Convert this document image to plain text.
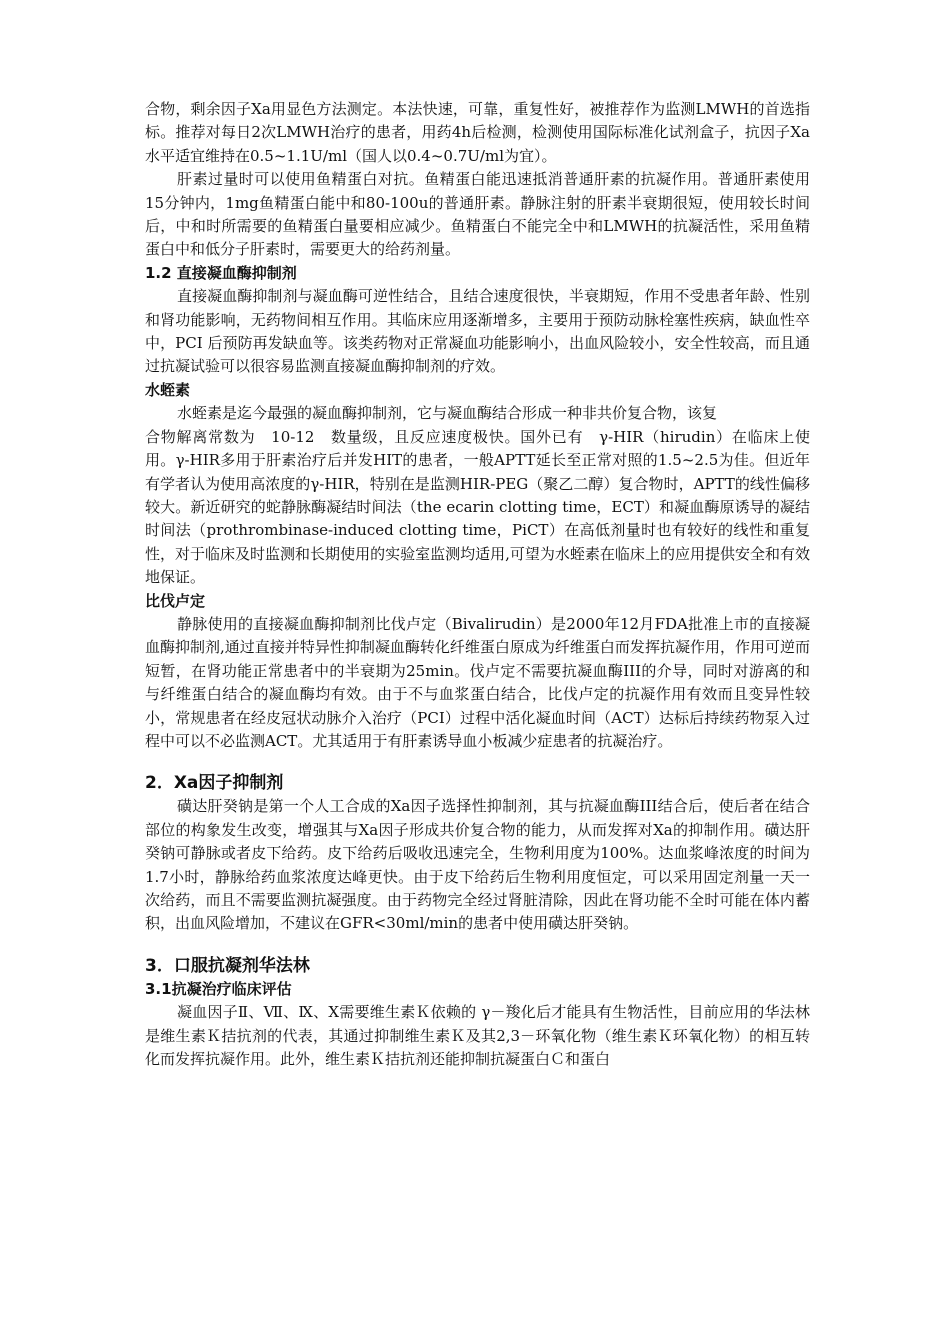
合物，剩余因子Xa用显色方法测定。本法快速，可靠，重复性好，被推荐作为监测LMWH的首选指标。推荐对每日2次LMWH治疗的患者，用药4h后检测，检测使用国际标准化试剂盒子，抗因子Xa水平适宜维持在0.5~1.1U/ml（国人以0.4~0.7U/ml为宜）。

肝素过量时可以使用鱼精蛋白对抗。鱼精蛋白能迅速抵消普通肝素的抗凝作用。普通肝素使用15分钟内，1mg鱼精蛋白能中和80-100u的普通肝素。静脉注射的肝素半衰期很短，使用较长时间后，中和时所需要的鱼精蛋白量要相应减少。鱼精蛋白不能完全中和LMWH的抗凝活性，采用鱼精蛋白中和低分子肝素时，需要更大的给药剂量。

1.2 直接凝血酶抑制剂

直接凝血酶抑制剂与凝血酶可逆性结合，且结合速度很快，半衰期短，作用不受患者年龄、性别和肾功能影响，无药物间相互作用。其临床应用逐渐增多，主要用于预防动脉栓塞性疾病，缺血性卒中，PCI 后预防再发缺血等。该类药物对正常凝血功能影响小，出血风险较小，安全性较高，而且通过抗凝试验可以很容易监测直接凝血酶抑制剂的疗效。

水蛭素

水蛭素是迄今最强的凝血酶抑制剂，它与凝血酶结合形成一种非共价复合物，该复

合物解离常数为　10-12　数量级，且反应速度极快。国外已有　γ-HIR（hirudin）在临床上使用。γ-HIR多用于肝素治疗后并发HIT的患者，一般APTT延长至正常对照的1.5~2.5为佳。但近年有学者认为使用高浓度的γ-HIR，特别在是监测HIR-PEG（聚乙二醇）复合物时，APTT的线性偏移较大。新近研究的蛇静脉酶凝结时间法（the ecarin clotting time，ECT）和凝血酶原诱导的凝结时间法（prothrombinase-induced clotting time，PiCT）在高低剂量时也有较好的线性和重复性，对于临床及时监测和长期使用的实验室监测均适用,可望为水蛭素在临床上的应用提供安全和有效地保证。

比伐卢定

静脉使用的直接凝血酶抑制剂比伐卢定（Bivalirudin）是2000年12月FDA批准上市的直接凝血酶抑制剂,通过直接并特异性抑制凝血酶转化纤维蛋白原成为纤维蛋白而发挥抗凝作用，作用可逆而短暂，在肾功能正常患者中的半衰期为25min。伐卢定不需要抗凝血酶III的介导，同时对游离的和与纤维蛋白结合的凝血酶均有效。由于不与血浆蛋白结合，比伐卢定的抗凝作用有效而且变异性较小，常规患者在经皮冠状动脉介入治疗（PCI）过程中活化凝血时间（ACT）达标后持续药物泵入过程中可以不必监测ACT。尤其适用于有肝素诱导血小板减少症患者的抗凝治疗。

2．Xa因子抑制剂

磺达肝癸钠是第一个人工合成的Xa因子选择性抑制剂，其与抗凝血酶III结合后，使后者在结合部位的构象发生改变，增强其与Xa因子形成共价复合物的能力，从而发挥对Xa的抑制作用。磺达肝癸钠可静脉或者皮下给药。皮下给药后吸收迅速完全，生物利用度为100%。达血浆峰浓度的时间为1.7小时，静脉给药血浆浓度达峰更快。由于皮下给药后生物利用度恒定，可以采用固定剂量一天一次给药，而且不需要监测抗凝强度。由于药物完全经过肾脏清除，因此在肾功能不全时可能在体内蓄积，出血风险增加，不建议在GFR<30ml/min的患者中使用磺达肝癸钠。

3．口服抗凝剂华法林
3.1抗凝治疗临床评估

凝血因子Ⅱ、Ⅶ、Ⅸ、Ⅹ需要维生素Ｋ依赖的 γ－羧化后才能具有生物活性，目前应用的华法林是维生素Ｋ拮抗剂的代表，其通过抑制维生素Ｋ及其2,3－环氧化物（维生素Ｋ环氧化物）的相互转化而发挥抗凝作用。此外，维生素Ｋ拮抗剂还能抑制抗凝蛋白Ｃ和蛋白
